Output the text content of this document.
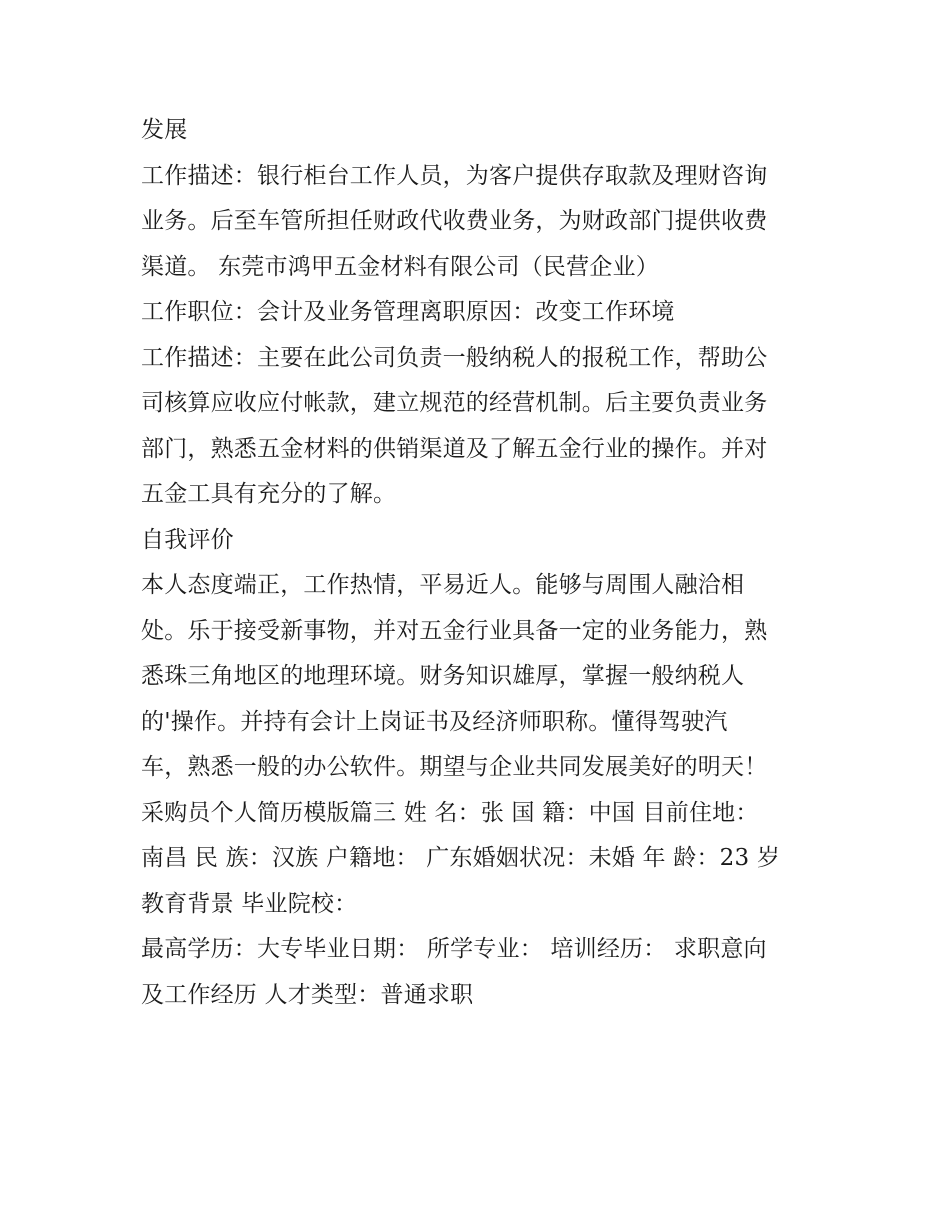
发展
工作描述：银行柜台工作人员，为客户提供存取款及理财咨询
业务。后至车管所担任财政代收费业务，为财政部门提供收费
渠道。 东莞市鸿甲五金材料有限公司（民营企业）
工作职位：会计及业务管理离职原因：改变工作环境
工作描述：主要在此公司负责一般纳税人的报税工作，帮助公
司核算应收应付帐款，建立规范的经营机制。后主要负责业务
部门，熟悉五金材料的供销渠道及了解五金行业的操作。并对
五金工具有充分的了解。
自我评价
本人态度端正，工作热情，平易近人。能够与周围人融洽相
处。乐于接受新事物，并对五金行业具备一定的业务能力，熟
悉珠三角地区的地理环境。财务知识雄厚，掌握一般纳税人
的'操作。并持有会计上岗证书及经济师职称。懂得驾驶汽
车，熟悉一般的办公软件。期望与企业共同发展美好的明天！
采购员个人简历模版篇三 姓 名：张 国 籍：中国 目前住地：
南昌 民 族：汉族 户籍地： 广东婚姻状况：未婚 年 龄：23 岁
教育背景 毕业院校：
最高学历：大专毕业日期： 所学专业： 培训经历： 求职意向
及工作经历 人才类型：普通求职
